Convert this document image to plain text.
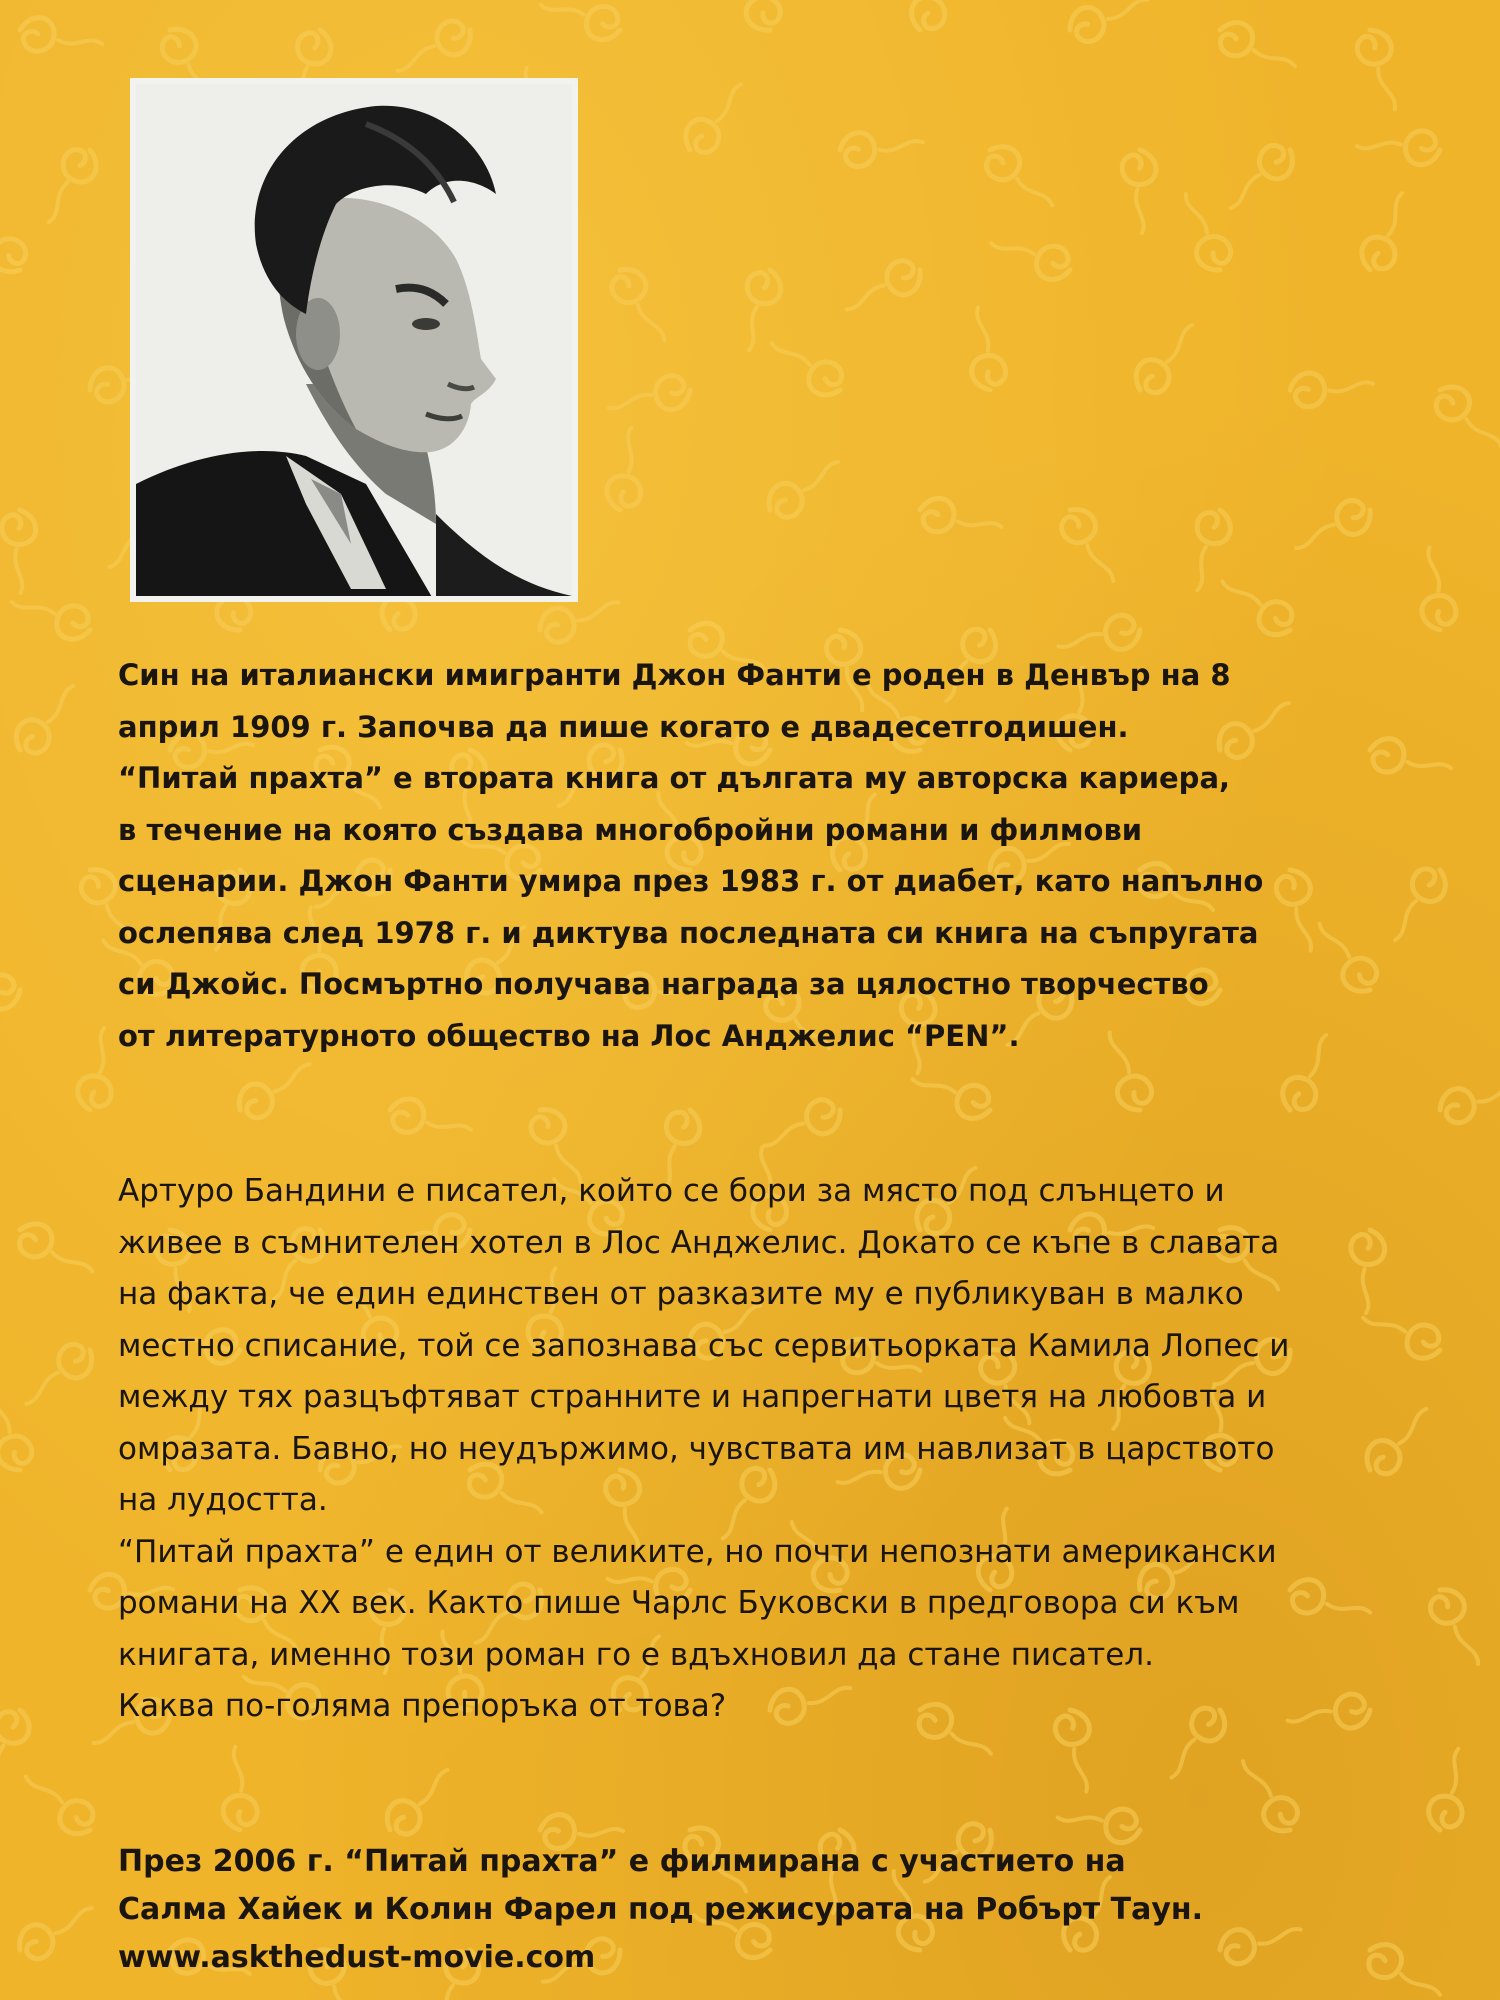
Син на италиански имигранти Джон Фанти е роден в Денвър на 8
април 1909 г. Започва да пише когато е двадесетгодишен.
“Питай прахта” е втората книга от дългата му авторска кариера,
в течение на която създава многобройни романи и филмови
сценарии. Джон Фанти умира през 1983 г. от диабет, като напълно
ослепява след 1978 г. и диктува последната си книга на съпругата
си Джойс. Посмъртно получава награда за цялостно творчество
от литературното общество на Лос Анджелис “PEN”.

Артуро Бандини е писател, който се бори за място под слънцето и
живее в съмнителен хотел в Лос Анджелис. Докато се къпе в славата
на факта, че един единствен от разказите му е публикуван в малко
местно списание, той се запознава със сервитьорката Камила Лопес и
между тях разцъфтяват странните и напрегнати цветя на любовта и
омразата. Бавно, но неудържимо, чувствата им навлизат в царството
на лудостта.
“Питай прахта” е един от великите, но почти непознати американски
романи на XX век. Както пише Чарлс Буковски в предговора си към
книгата, именно този роман го е вдъхновил да стане писател.
Каква по-голяма препоръка от това?

През 2006 г. “Питай прахта” е филмирана с участието на
Салма Хайек и Колин Фарел под режисурата на Робърт Таун.
www.askthedust-movie.com
